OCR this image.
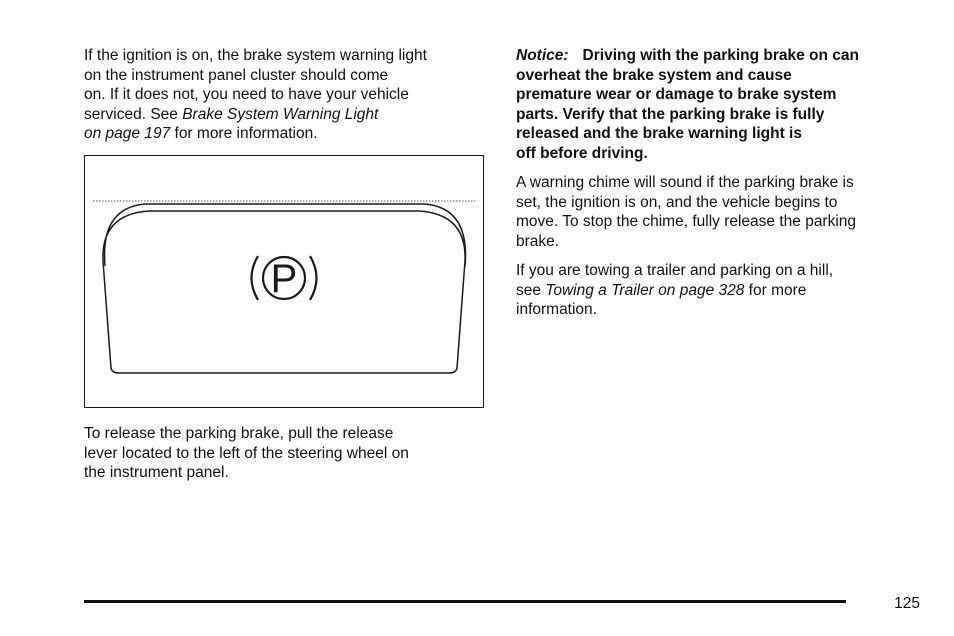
If the ignition is on, the brake system warning light
on the instrument panel cluster should come
on. If it does not, you need to have your vehicle
serviced. See Brake System Warning Light
on page 197 for more information.

P

To release the parking brake, pull the release
lever located to the left of the steering wheel on
the instrument panel.

Notice: Driving with the parking brake on can
overheat the brake system and cause
premature wear or damage to brake system
parts. Verify that the parking brake is fully
released and the brake warning light is
off before driving.

A warning chime will sound if the parking brake is
set, the ignition is on, and the vehicle begins to
move. To stop the chime, fully release the parking
brake.

If you are towing a trailer and parking on a hill,
see Towing a Trailer on page 328 for more
information.

125
